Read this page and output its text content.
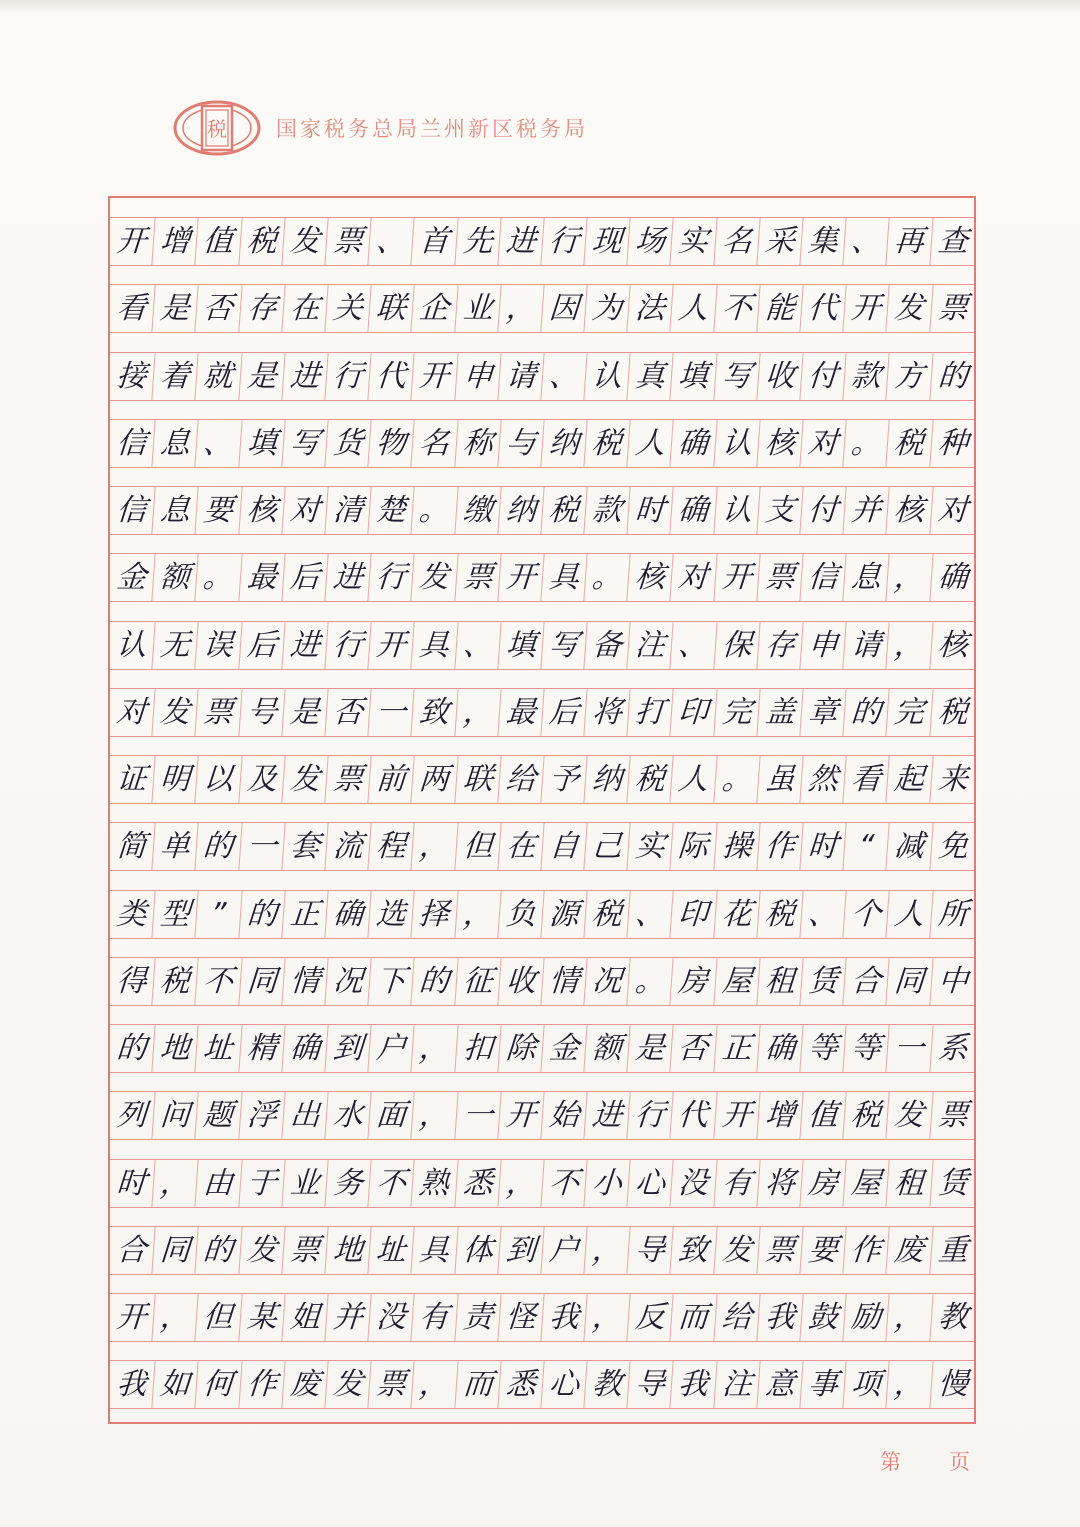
税 国家税务总局兰州新区税务局
开 增 值 税 发 票 、 首 先 进 行 现 场 实 名 采 集 、 再 查
看 是 否 存 在 关 联 企 业 ， 因 为 法 人 不 能 代 开 发 票
接 着 就 是 进 行 代 开 申 请 、 认 真 填 写 收 付 款 方 的
信 息 、 填 写 货 物 名 称 与 纳 税 人 确 认 核 对 。 税 种
信 息 要 核 对 清 楚 。 缴 纳 税 款 时 确 认 支 付 并 核 对
金 额 。 最 后 进 行 发 票 开 具 。 核 对 开 票 信 息 ， 确
认 无 误 后 进 行 开 具 、 填 写 备 注 、 保 存 申 请 ， 核
对 发 票 号 是 否 一 致 ， 最 后 将 打 印 完 盖 章 的 完 税
证 明 以 及 发 票 前 两 联 给 予 纳 税 人 。 虽 然 看 起 来
简 单 的 一 套 流 程 ， 但 在 自 己 实 际 操 作 时 “ 减 免
类 型 ” 的 正 确 选 择 ， 负 源 税 、 印 花 税 、 个 人 所
得 税 不 同 情 况 下 的 征 收 情 况 。 房 屋 租 赁 合 同 中
的 地 址 精 确 到 户 ， 扣 除 金 额 是 否 正 确 等 等 一 系
列 问 题 浮 出 水 面 ， 一 开 始 进 行 代 开 增 值 税 发 票
时 ， 由 于 业 务 不 熟 悉 ， 不 小 心 没 有 将 房 屋 租 赁
合 同 的 发 票 地 址 具 体 到 户 ， 导 致 发 票 要 作 废 重
开 ， 但 某 姐 并 没 有 责 怪 我 ， 反 而 给 我 鼓 励 ， 教
我 如 何 作 废 发 票 ， 而 悉 心 教 导 我 注 意 事 项 ， 慢
第 页
